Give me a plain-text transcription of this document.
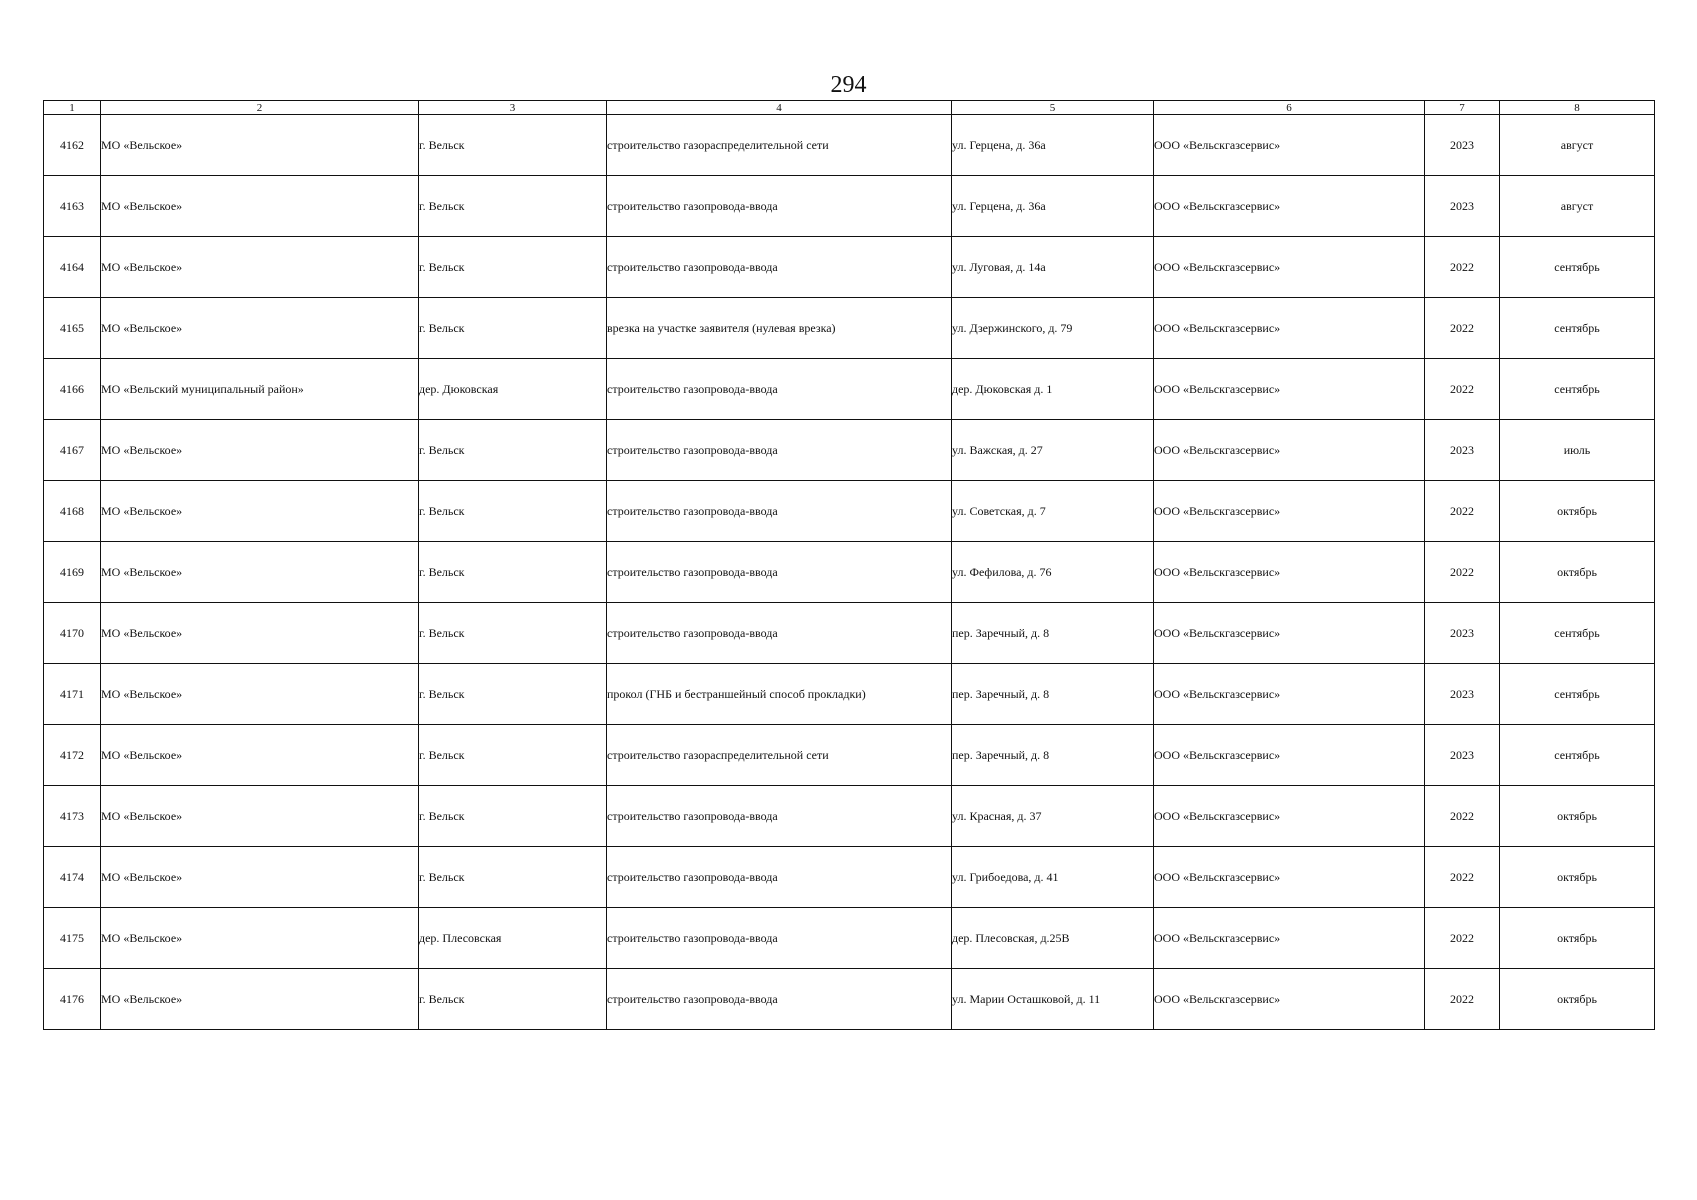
294
1	2	3	4	5	6	7	8
4162	МО «Вельское»	г. Вельск	строительство газораспределительной сети	ул. Герцена, д. 36а	ООО «Вельскгазсервис»	2023	август
4163	МО «Вельское»	г. Вельск	строительство газопровода-ввода	ул. Герцена, д. 36а	ООО «Вельскгазсервис»	2023	август
4164	МО «Вельское»	г. Вельск	строительство газопровода-ввода	ул. Луговая, д. 14а	ООО «Вельскгазсервис»	2022	сентябрь
4165	МО «Вельское»	г. Вельск	врезка на участке заявителя (нулевая врезка)	ул. Дзержинского, д. 79	ООО «Вельскгазсервис»	2022	сентябрь
4166	МО «Вельский муниципальный район»	дер. Дюковская	строительство газопровода-ввода	дер. Дюковская д. 1	ООО «Вельскгазсервис»	2022	сентябрь
4167	МО «Вельское»	г. Вельск	строительство газопровода-ввода	ул. Важская, д. 27	ООО «Вельскгазсервис»	2023	июль
4168	МО «Вельское»	г. Вельск	строительство газопровода-ввода	ул. Советская, д. 7	ООО «Вельскгазсервис»	2022	октябрь
4169	МО «Вельское»	г. Вельск	строительство газопровода-ввода	ул. Фефилова, д. 76	ООО «Вельскгазсервис»	2022	октябрь
4170	МО «Вельское»	г. Вельск	строительство газопровода-ввода	пер. Заречный, д. 8	ООО «Вельскгазсервис»	2023	сентябрь
4171	МО «Вельское»	г. Вельск	прокол (ГНБ и бестраншейный способ прокладки)	пер. Заречный, д. 8	ООО «Вельскгазсервис»	2023	сентябрь
4172	МО «Вельское»	г. Вельск	строительство газораспределительной сети	пер. Заречный, д. 8	ООО «Вельскгазсервис»	2023	сентябрь
4173	МО «Вельское»	г. Вельск	строительство газопровода-ввода	ул. Красная, д. 37	ООО «Вельскгазсервис»	2022	октябрь
4174	МО «Вельское»	г. Вельск	строительство газопровода-ввода	ул. Грибоедова, д. 41	ООО «Вельскгазсервис»	2022	октябрь
4175	МО «Вельское»	дер. Плесовская	строительство газопровода-ввода	дер. Плесовская, д.25В	ООО «Вельскгазсервис»	2022	октябрь
4176	МО «Вельское»	г. Вельск	строительство газопровода-ввода	ул. Марии Осташковой, д. 11	ООО «Вельскгазсервис»	2022	октябрь
